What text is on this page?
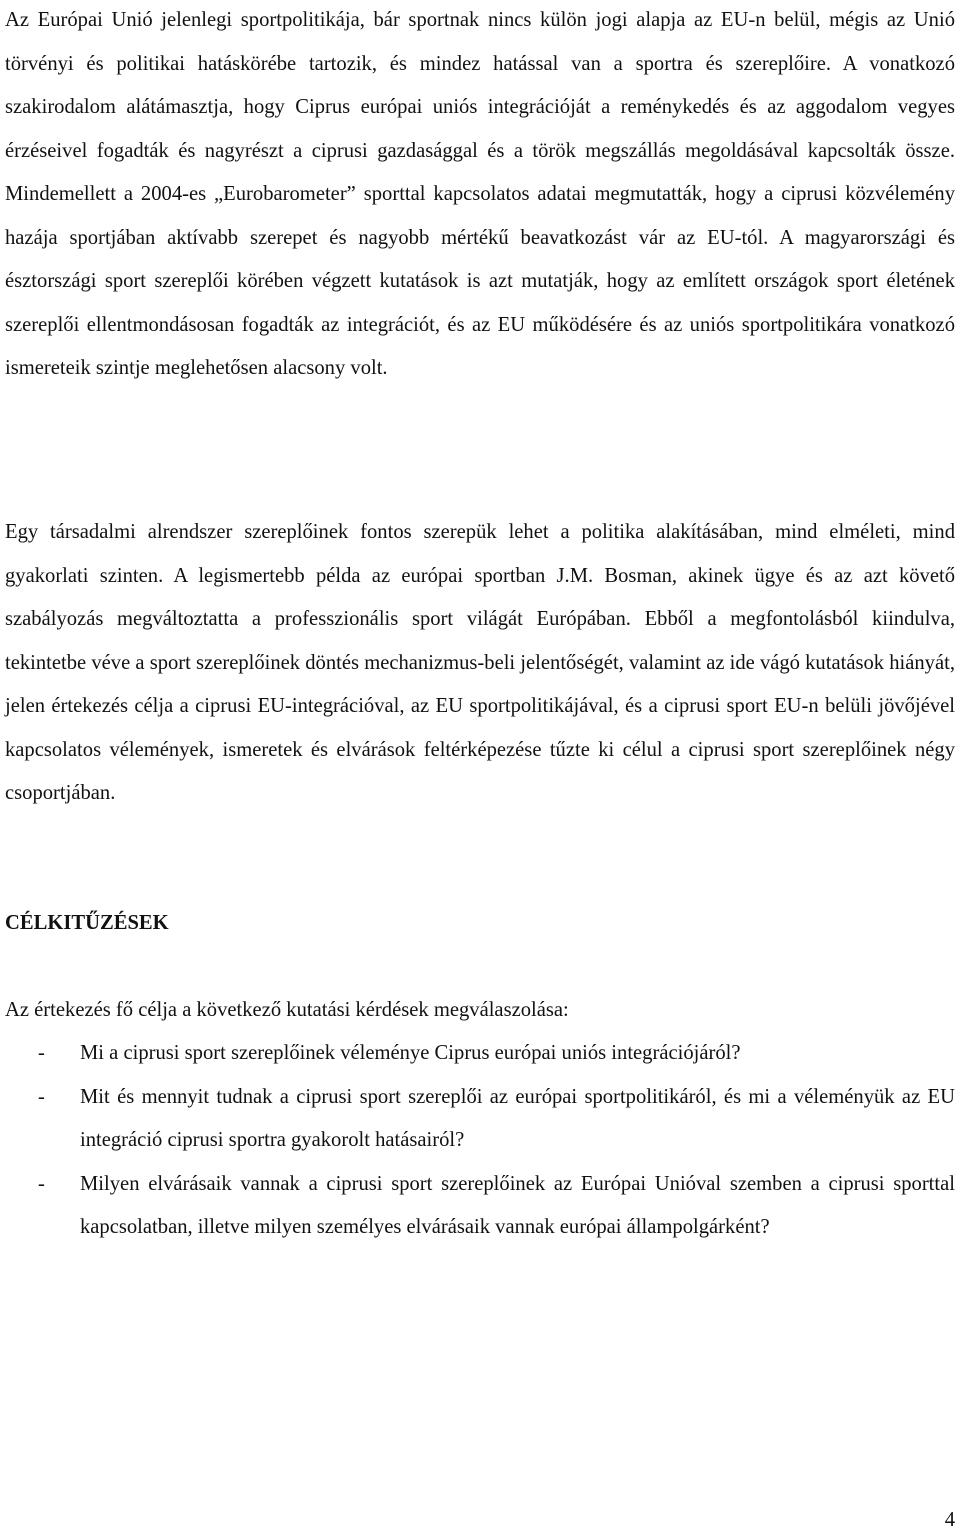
Az Európai Unió jelenlegi sportpolitikája, bár sportnak nincs külön jogi alapja az EU-n belül, mégis az Unió törvényi és politikai hatáskörébe tartozik, és mindez hatással van a sportra és szereplőire. A vonatkozó szakirodalom alátámasztja, hogy Ciprus európai uniós integrációját a reménykedés és az aggodalom vegyes érzéseivel fogadták és nagyrészt a ciprusi gazdasággal és a török megszállás megoldásával kapcsolták össze. Mindemellett a 2004-es „Eurobarometer” sporttal kapcsolatos adatai megmutatták, hogy a ciprusi közvélemény hazája sportjában aktívabb szerepet és nagyobb mértékű beavatkozást vár az EU-tól. A magyarországi és észtországi sport szereplői körében végzett kutatások is azt mutatják, hogy az említett országok sport életének szereplői ellentmondásosan fogadták az integrációt, és az EU működésére és az uniós sportpolitikára vonatkozó ismereteik szintje meglehetősen alacsony volt.

Egy társadalmi alrendszer szereplőinek fontos szerepük lehet a politika alakításában, mind elméleti, mind gyakorlati szinten. A legismertebb példa az európai sportban J.M. Bosman, akinek ügye és az azt követő szabályozás megváltoztatta a professzionális sport világát Európában. Ebből a megfontolásból kiindulva, tekintetbe véve a sport szereplőinek döntés mechanizmus-beli jelentőségét, valamint az ide vágó kutatások hiányát, jelen értekezés célja a ciprusi EU-integrációval, az EU sportpolitikájával, és a ciprusi sport EU-n belüli jövőjével kapcsolatos vélemények, ismeretek és elvárások feltérképezése tűzte ki célul a ciprusi sport szereplőinek négy csoportjában.

CÉLKITŰZÉSEK

Az értekezés fő célja a következő kutatási kérdések megválaszolása:

- Mi a ciprusi sport szereplőinek véleménye Ciprus európai uniós integrációjáról?
- Mit és mennyit tudnak a ciprusi sport szereplői az európai sportpolitikáról, és mi a véleményük az EU integráció ciprusi sportra gyakorolt hatásairól?
- Milyen elvárásaik vannak a ciprusi sport szereplőinek az Európai Unióval szemben a ciprusi sporttal kapcsolatban, illetve milyen személyes elvárásaik vannak európai állampolgárként?
4
